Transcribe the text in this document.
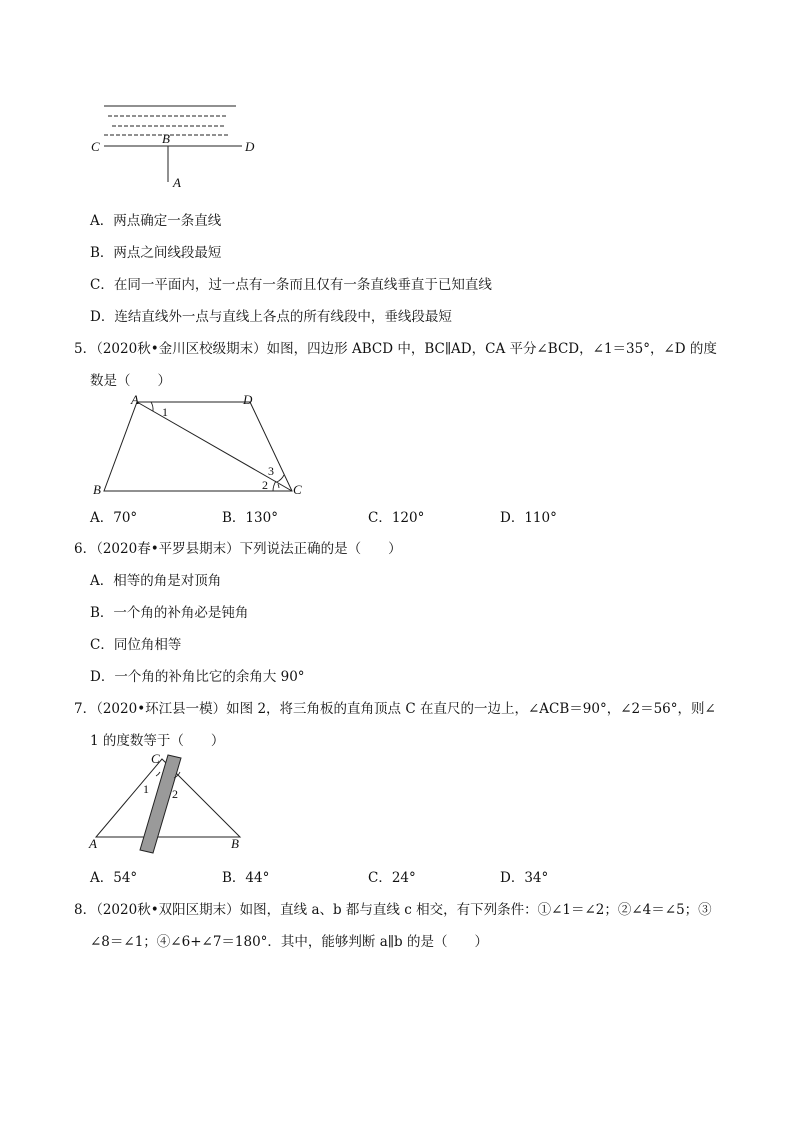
C
B
D
A
A．两点确定一条直线
B．两点之间线段最短
C．在同一平面内，过一点有一条而且仅有一条直线垂直于已知直线
D．连结直线外一点与直线上各点的所有线段中，垂线段最短
5．（2020秋•金川区校级期末）如图，四边形 ABCD 中，BC∥AD，CA 平分∠BCD，∠1＝35°，∠D 的度
数是（　　）
A	D
B	C
1
2
3
A．70°	B．130°	C．120°	D．110°
6．（2020春•平罗县期末）下列说法正确的是（　　）
A．相等的角是对顶角
B．一个角的补角必是钝角
C．同位角相等
D．一个角的补角比它的余角大 90°
7．（2020•环江县一模）如图 2，将三角板的直角顶点 C 在直尺的一边上，∠ACB＝90°，∠2＝56°，则∠
1 的度数等于（　　）
C
A	B
1 2
A．54°	B．44°	C．24°	D．34°
8．（2020秋•双阳区期末）如图，直线 a、b 都与直线 c 相交，有下列条件：①∠1＝∠2；②∠4＝∠5；③
∠8＝∠1；④∠6+∠7＝180°．其中，能够判断 a∥b 的是（　　）
